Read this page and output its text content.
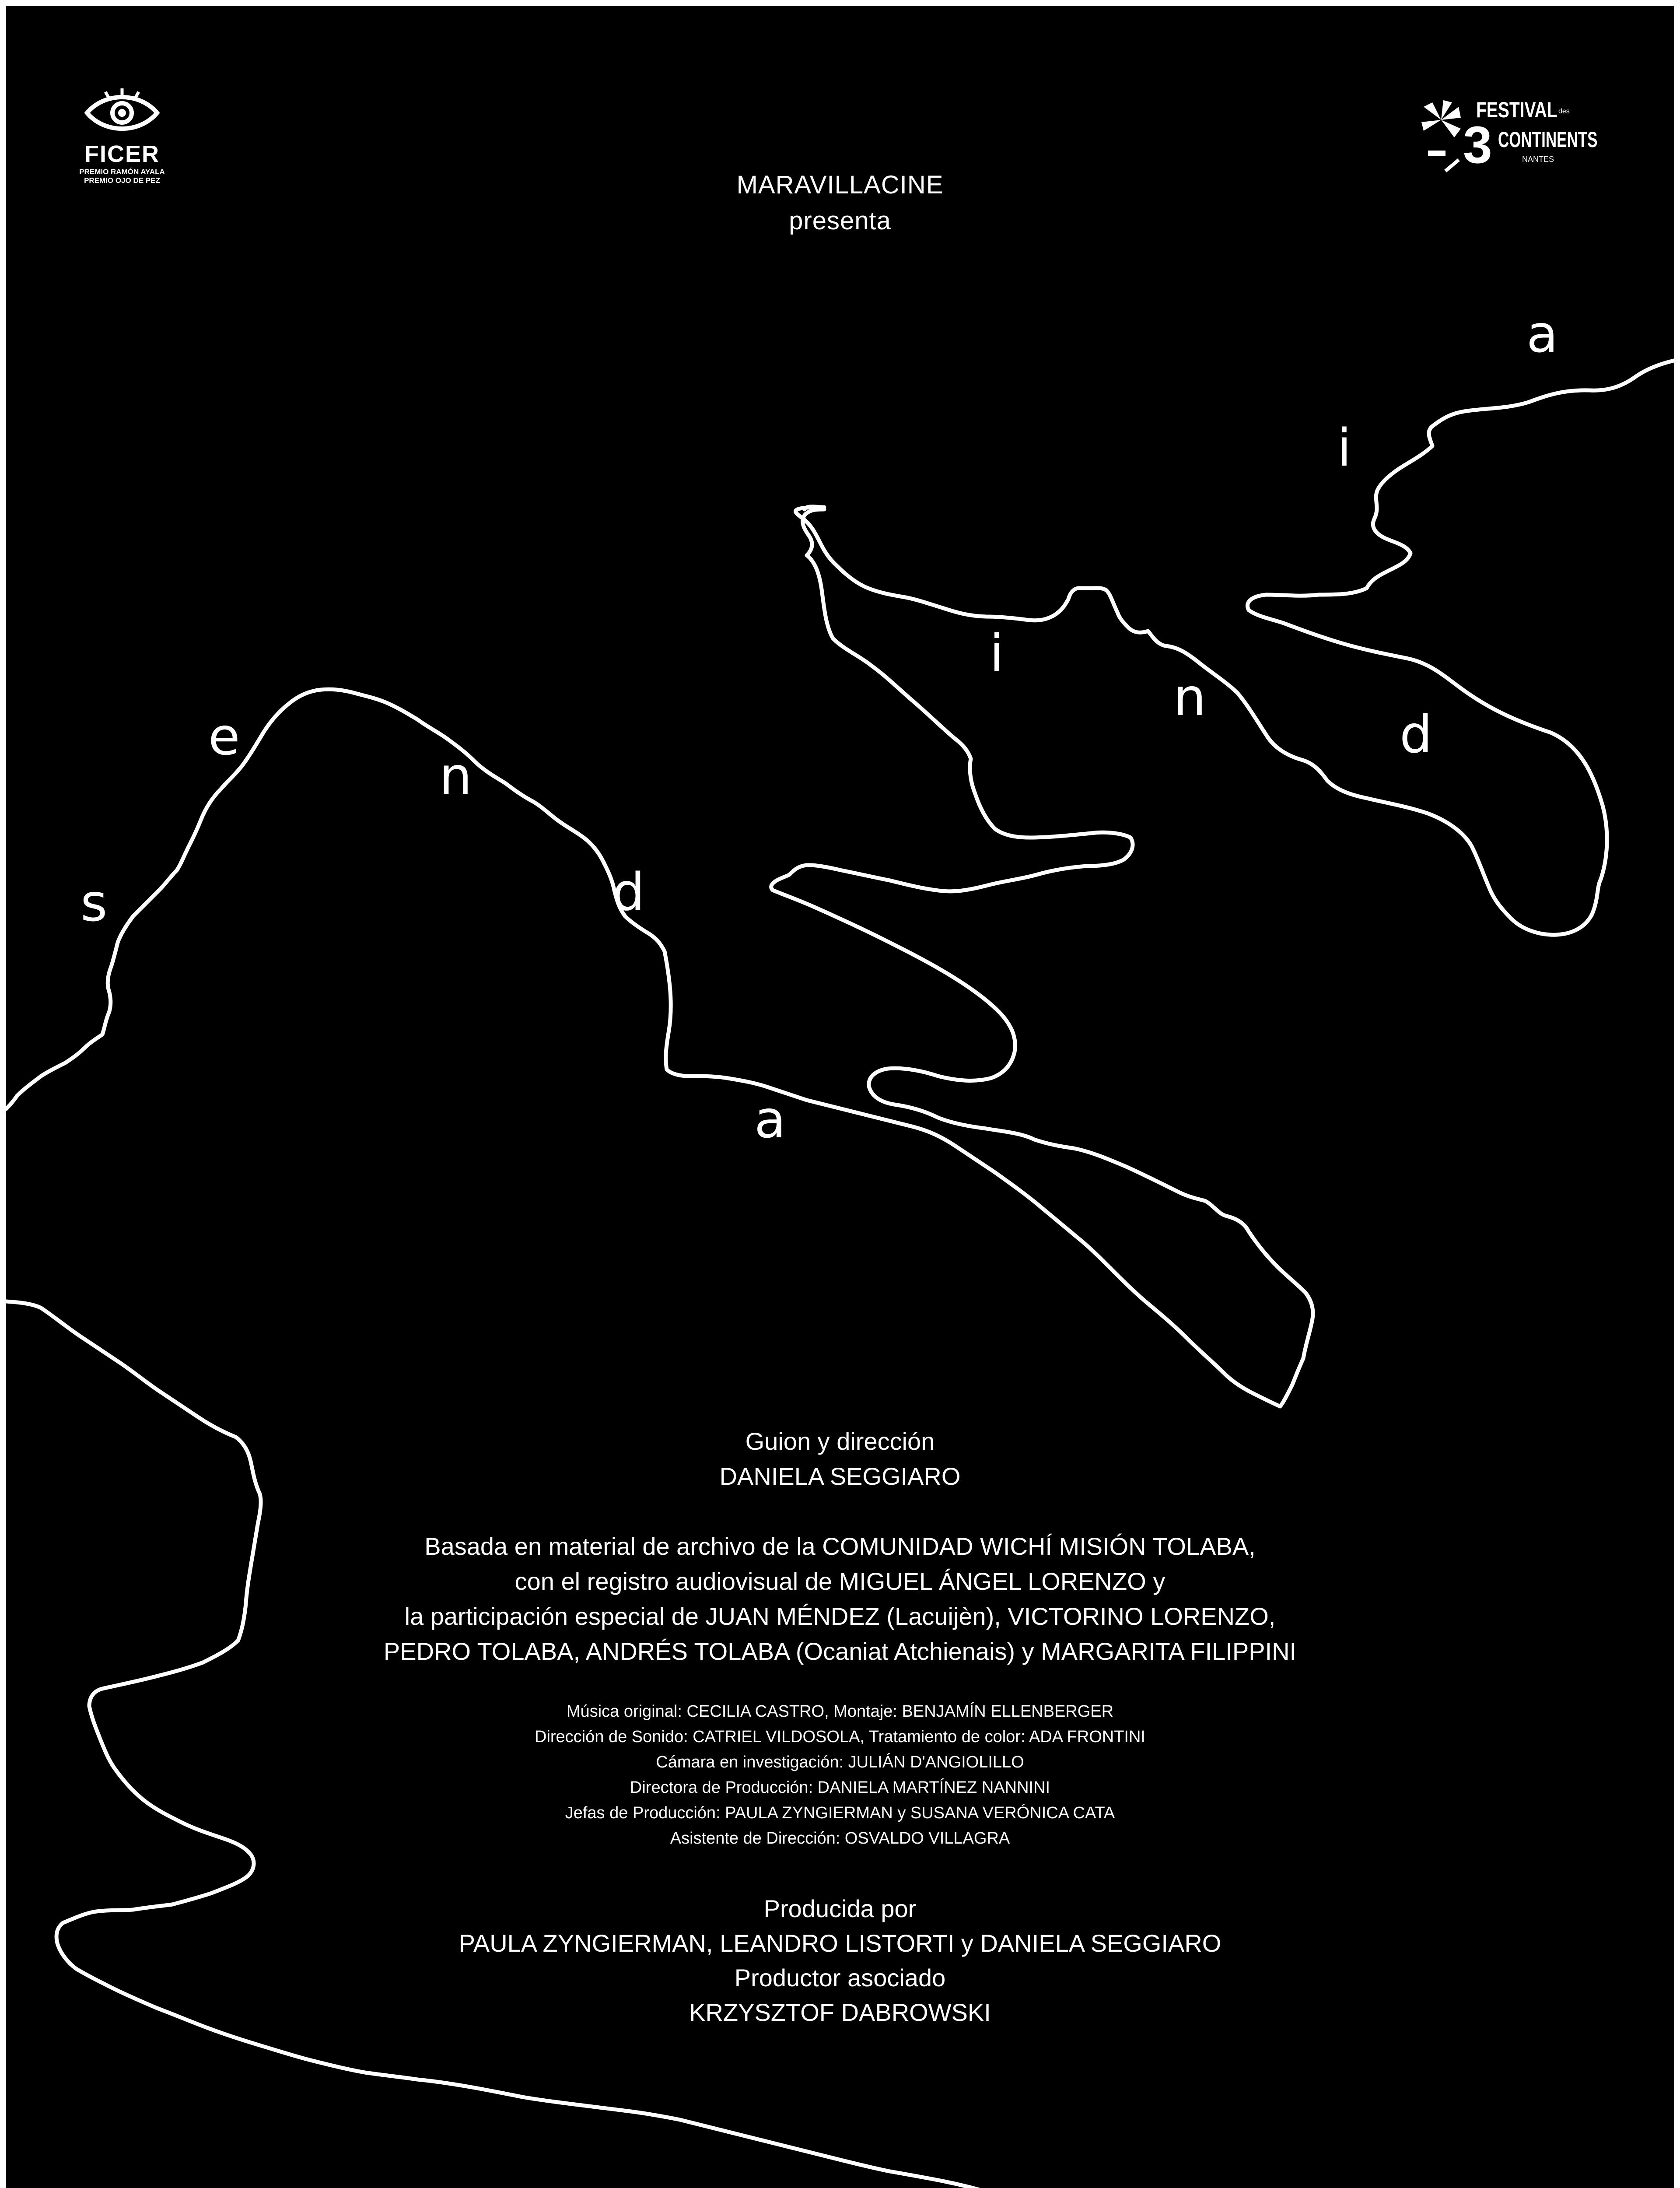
a
i
i
n
d
e
n
s	d
a
FICER
PREMIO RAMÓN AYALA
PREMIO OJO DE PEZ
FESTIVAL des
3 CONTINENTS
NANTES
MARAVILLACINE
presenta
Guion y dirección
DANIELA SEGGIARO
Basada en material de archivo de la COMUNIDAD WICHÍ MISIÓN TOLABA,
con el registro audiovisual de MIGUEL ÁNGEL LORENZO y
la participación especial de JUAN MÉNDEZ (Lacuijèn), VICTORINO LORENZO,
PEDRO TOLABA, ANDRÉS TOLABA (Ocaniat Atchienais) y MARGARITA FILIPPINI
Música original: CECILIA CASTRO, Montaje: BENJAMÍN ELLENBERGER
Dirección de Sonido: CATRIEL VILDOSOLA, Tratamiento de color: ADA FRONTINI
Cámara en investigación: JULIÁN D'ANGIOLILLO
Directora de Producción: DANIELA MARTÍNEZ NANNINI
Jefas de Producción: PAULA ZYNGIERMAN y SUSANA VERÓNICA CATA
Asistente de Dirección: OSVALDO VILLAGRA
Producida por
PAULA ZYNGIERMAN, LEANDRO LISTORTI y DANIELA SEGGIARO
Productor asociado
KRZYSZTOF DABROWSKI
